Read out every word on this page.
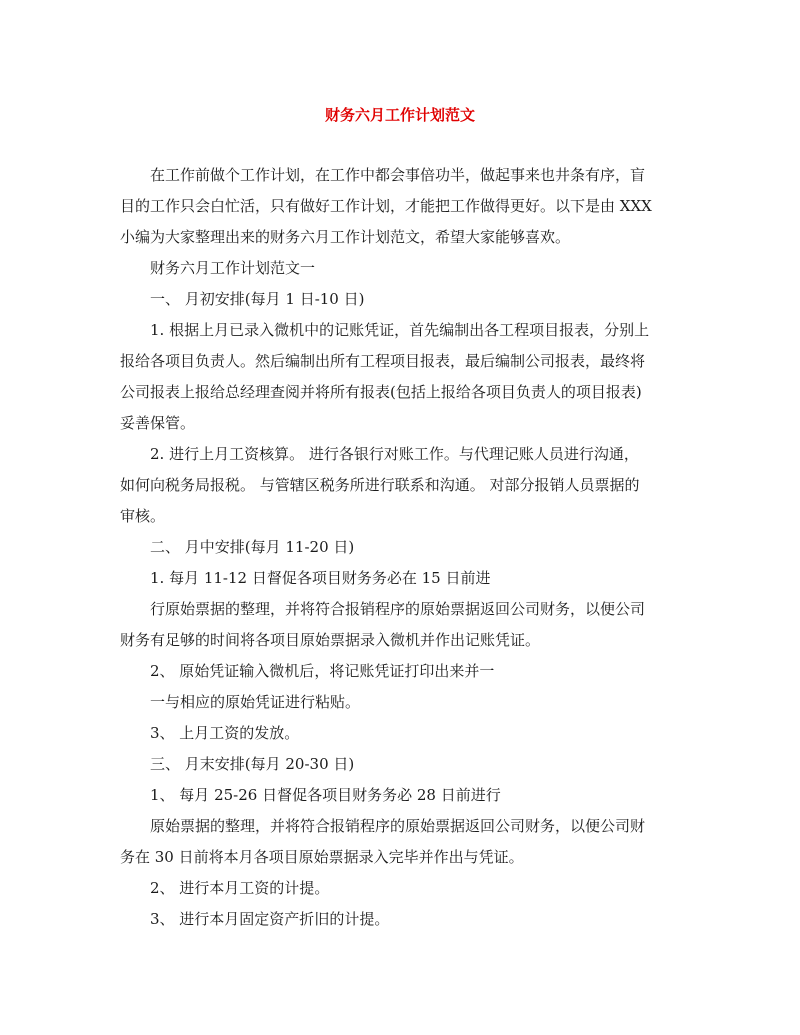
财务六月工作计划范文

在工作前做个工作计划，在工作中都会事倍功半，做起事来也井条有序，盲

目的工作只会白忙活，只有做好工作计划，才能把工作做得更好。以下是由 XXX

小编为大家整理出来的财务六月工作计划范文，希望大家能够喜欢。

财务六月工作计划范文一

一、 月初安排(每月 1 日-10 日)

1. 根据上月已录入微机中的记账凭证，首先编制出各工程项目报表，分别上

报给各项目负责人。然后编制出所有工程项目报表，最后编制公司报表，最终将

公司报表上报给总经理查阅并将所有报表(包括上报给各项目负责人的项目报表)

妥善保管。

2. 进行上月工资核算。 进行各银行对账工作。与代理记账人员进行沟通，

如何向税务局报税。 与管辖区税务所进行联系和沟通。 对部分报销人员票据的

审核。

二、 月中安排(每月 11-20 日)

1. 每月 11-12 日督促各项目财务务必在 15 日前进

行原始票据的整理，并将符合报销程序的原始票据返回公司财务，以便公司

财务有足够的时间将各项目原始票据录入微机并作出记账凭证。

2、 原始凭证输入微机后，将记账凭证打印出来并一

一与相应的原始凭证进行粘贴。

3、 上月工资的发放。

三、 月末安排(每月 20-30 日)

1、 每月 25-26 日督促各项目财务务必 28 日前进行

原始票据的整理，并将符合报销程序的原始票据返回公司财务，以便公司财

务在 30 日前将本月各项目原始票据录入完毕并作出与凭证。

2、 进行本月工资的计提。

3、 进行本月固定资产折旧的计提。
